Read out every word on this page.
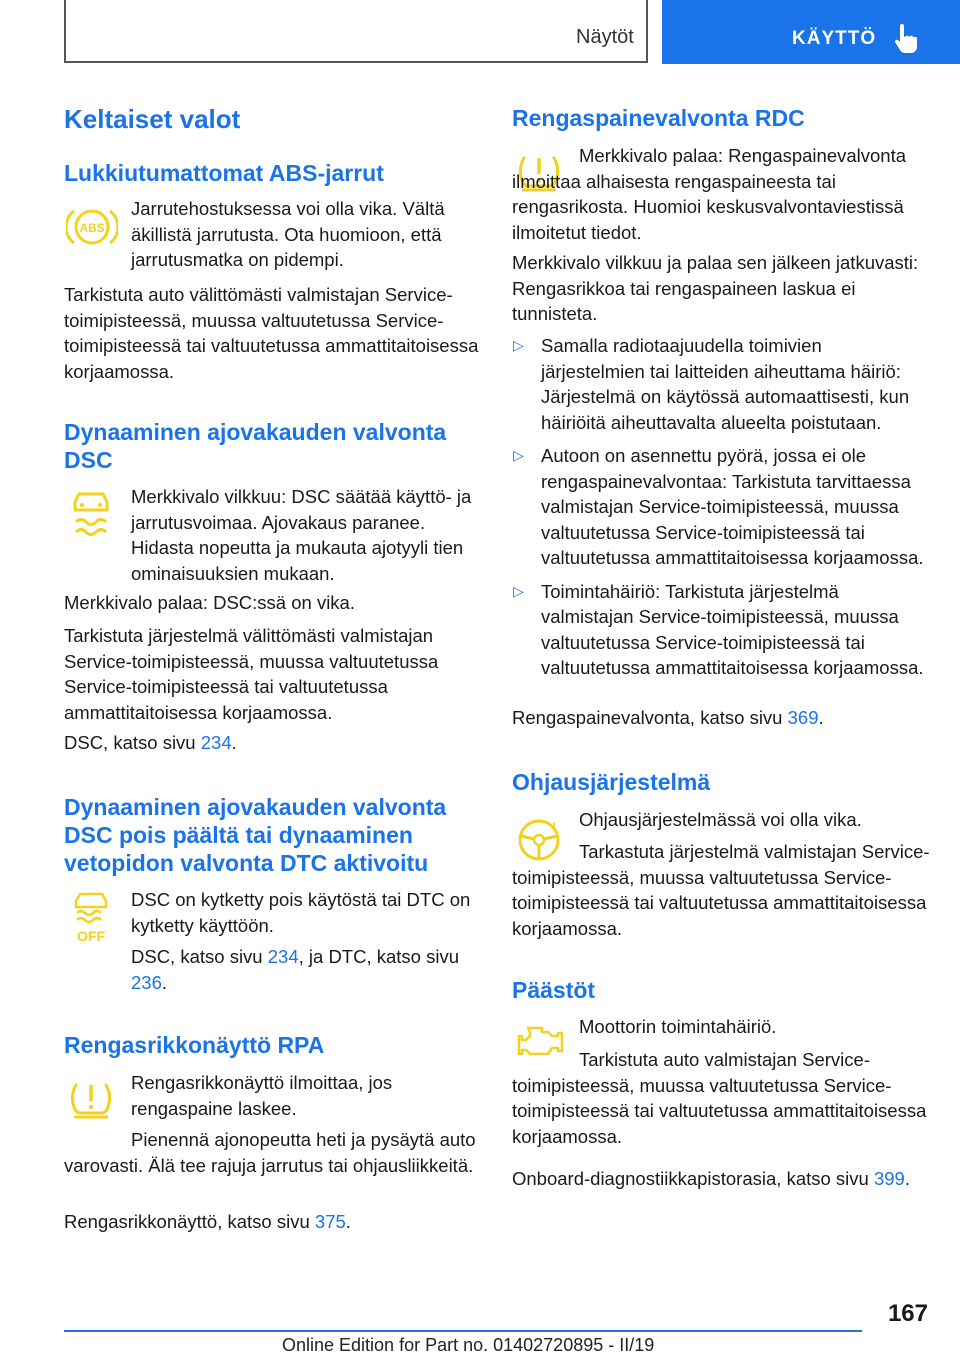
Näytöt	KÄYTTÖ
Keltaiset valot
Lukkiutumattomat ABS-jarrut
ABS

Jarrutehostuksessa voi olla vika. Vältä äkillistä jarrutusta. Ota huomioon, että jarrutusmatka on pidempi.

Tarkistuta auto välittömästi valmistajan Service-toimipisteessä, muussa valtuutetussa Service-toimipisteessä tai valtuutetussa ammattitaitoisessa korjaamossa.

Dynaaminen ajovakauden valvonta DSC

Merkkivalo vilkkuu: DSC säätää käyttö- ja jarrutusvoimaa. Ajovakaus paranee. Hidasta nopeutta ja mukauta ajotyyli tien ominaisuuksien mukaan.

Merkkivalo palaa: DSC:ssä on vika.

Tarkistuta järjestelmä välittömästi valmistajan Service-toimipisteessä, muussa valtuutetussa Service-toimipisteessä tai valtuutetussa ammattitaitoisessa korjaamossa.

DSC, katso sivu 234.

Dynaaminen ajovakauden valvonta DSC pois päältä tai dynaaminen vetopidon valvonta DTC aktivoitu
OFF

DSC on kytketty pois käytöstä tai DTC on kytketty käyttöön.

DSC, katso sivu 234, ja DTC, katso sivu 236.

Rengasrikkonäyttö RPA

Rengasrikkonäyttö ilmoittaa, jos rengaspaine laskee.

Pienennä ajonopeutta heti ja pysäytä auto varovasti. Älä tee rajuja jarrutus tai ohjausliikkeitä.

Rengasrikkonäyttö, katso sivu 375.

Rengaspainevalvonta RDC

Merkkivalo palaa: Rengaspainevalvonta ilmoittaa alhaisesta rengaspaineesta tai rengasrikosta. Huomioi keskusvalvontaviestissä ilmoitetut tiedot.

Merkkivalo vilkkuu ja palaa sen jälkeen jatkuvasti: Rengasrikkoa tai rengaspaineen laskua ei tunnisteta.

▷ Samalla radiotaajuudella toimivien järjestelmien tai laitteiden aiheuttama häiriö: Järjestelmä on käytössä automaattisesti, kun häiriöitä aiheuttavalta alueelta poistutaan.
▷ Autoon on asennettu pyörä, jossa ei ole rengaspainevalvontaa: Tarkistuta tarvittaessa valmistajan Service-toimipisteessä, muussa valtuutetussa Service-toimipisteessä tai valtuutetussa ammattitaitoisessa korjaamossa.
▷ Toimintahäiriö: Tarkistuta järjestelmä valmistajan Service-toimipisteessä, muussa valtuutetussa Service-toimipisteessä tai valtuutetussa ammattitaitoisessa korjaamossa.

Rengaspainevalvonta, katso sivu 369.

Ohjausjärjestelmä
!	Ohjausjärjestelmässä voi olla vika.

Tarkastuta järjestelmä valmistajan Service-toimipisteessä, muussa valtuutetussa Service-toimipisteessä tai valtuutetussa ammattitaitoisessa korjaamossa.

Päästöt

Moottorin toimintahäiriö.

Tarkistuta auto valmistajan Service-toimipisteessä, muussa valtuutetussa Service-toimipisteessä tai valtuutetussa ammattitaitoisessa korjaamossa.

Onboard-diagnostiikkapistorasia, katso sivu 399.

167
Online Edition for Part no. 01402720895 - II/19
